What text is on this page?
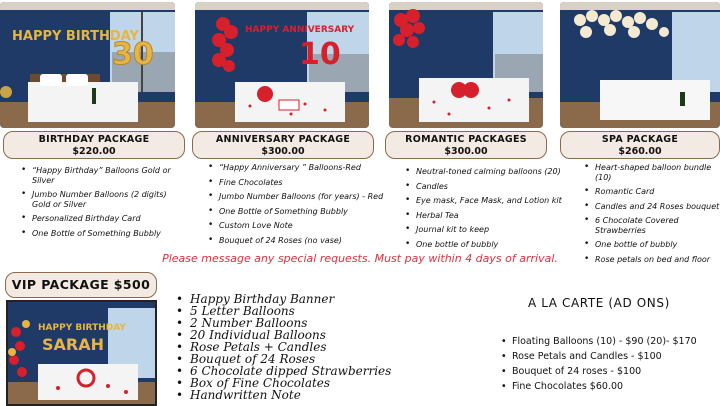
HAPPY BIRTHDAY
30
HAPPY ANNIVERSARY
10
BIRTHDAY PACKAGE
$220.00
ANNIVERSARY PACKAGE
$300.00
ROMANTIC PACKAGES
$300.00
SPA PACKAGE
$260.00
• “Happy Birthday” Balloons Gold or Silver
• Jumbo Number Balloons (2 digits) Gold or Silver
• Personalized Birthday Card
• One Bottle of Something Bubbly
• “Happy Anniversary ” Balloons-Red
• Fine Chocolates
• Jumbo Number Balloons (for years) - Red
• One Bottle of Something Bubbly
• Custom Love Note
• Bouquet of 24 Roses (no vase)
• Neutral-toned calming balloons (20)
• Candles
• Eye mask, Face Mask, and Lotion kit
• Herbal Tea
• Journal kit to keep
• One bottle of bubbly
• Heart-shaped balloon bundle (10)
• Romantic Card
• Candles and 24 Roses bouquet
• 6 Chocolate Covered Strawberries
• One bottle of bubbly
• Rose petals on bed and floor
Please message any special requests. Must pay within 4 days of arrival.
VIP PACKAGE $500
HAPPY BIRTHDAY
SARAH
• Happy Birthday Banner
• 5 Letter Balloons
• 2 Number Balloons
• 20 Individual Balloons
• Rose Petals + Candles
• Bouquet of 24 Roses
• 6 Chocolate dipped Strawberries
• Box of Fine Chocolates
• Handwritten Note
A LA CARTE (AD ONS)
• Floating Balloons (10) - $90 (20)- $170
• Rose Petals and Candles - $100
• Bouquet of 24 roses - $100
• Fine Chocolates $60.00
